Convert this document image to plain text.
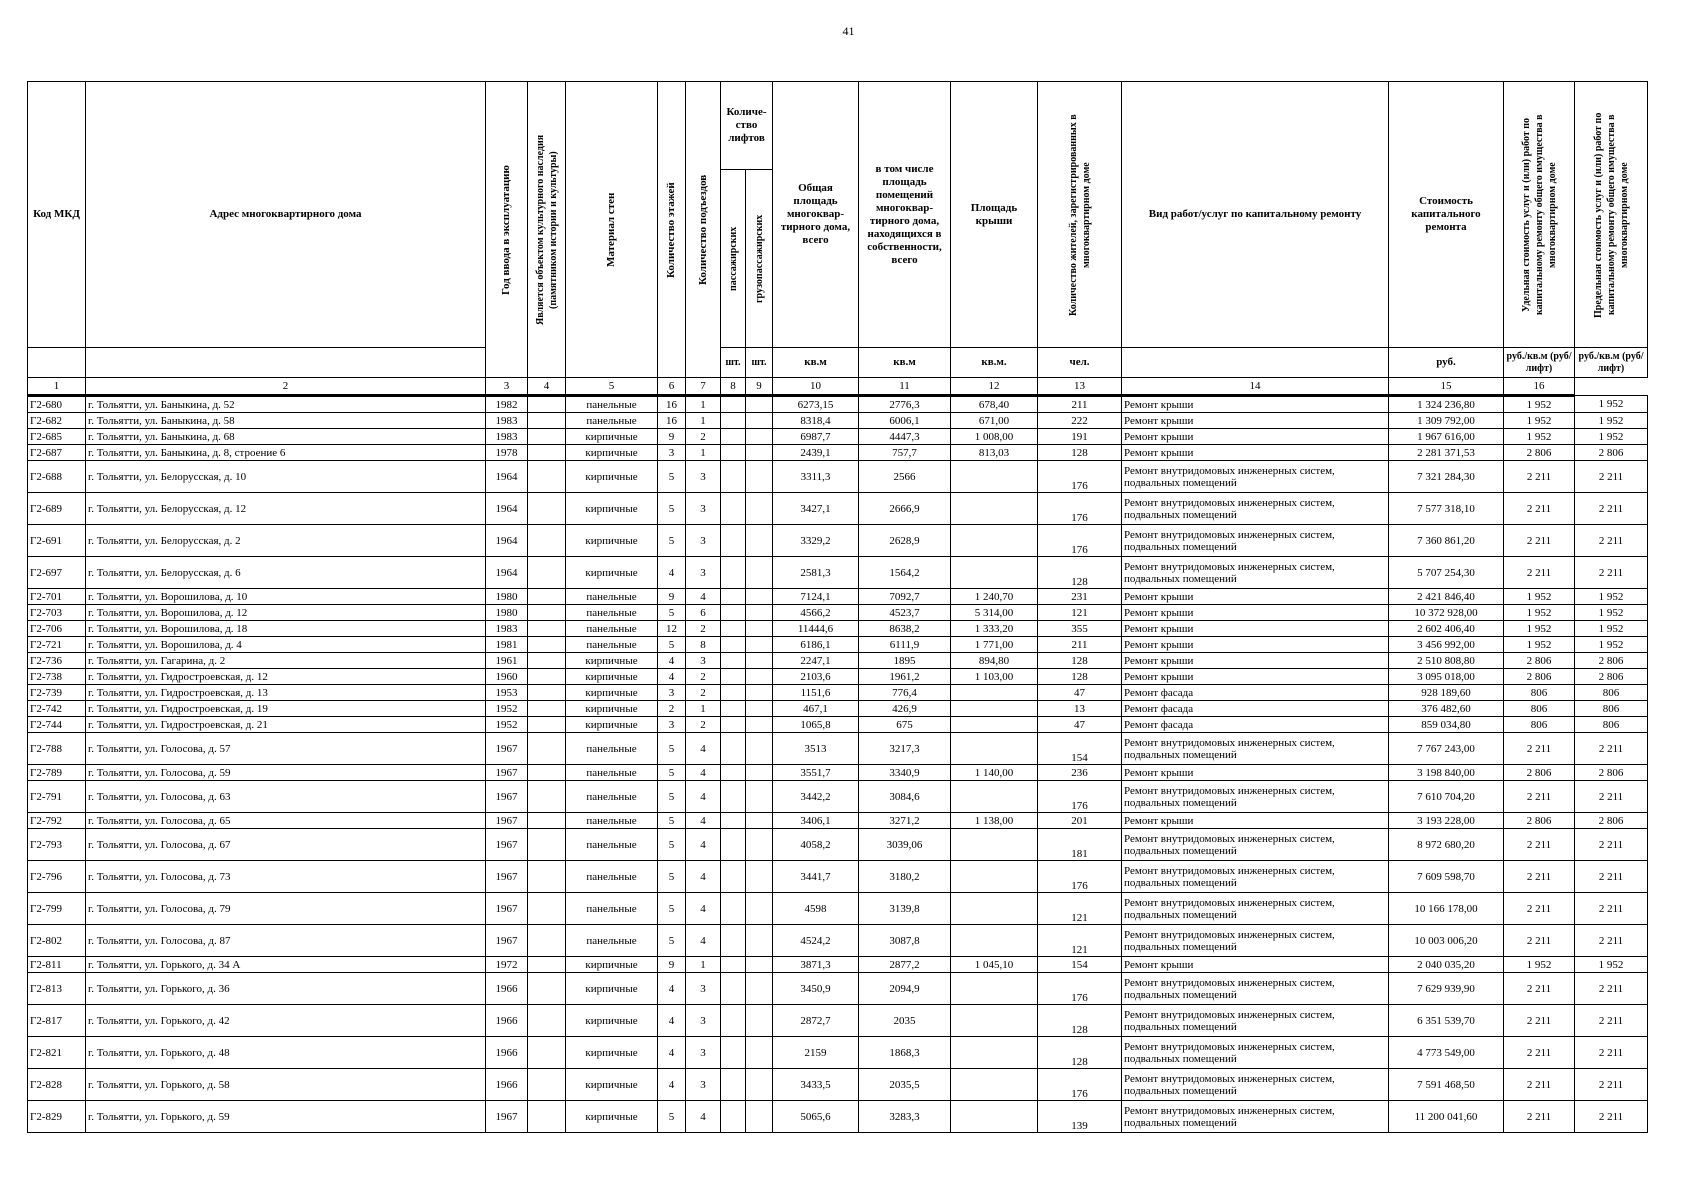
41
Код МКД	Адрес многоквартирного дома	Год ввода в эксплуатацию	Является объектом культурного наследия (памятником истории и культуры)	Материал стен	Количество этажей	Количество подъездов	Количе-ство лифтов		Общая площадь многоквар-тирного дома, всего	в том числе площадь помещений многоквар-тирного дома, находящихся в собственности, всего	Площадь крыши	Количество жителей, зарегистрированных в многоквартирном доме	Вид работ/услуг по капитальному ремонту	Стоимость капитального ремонта	Удельная стоимость услуг и (или) работ по капитальному ремонту общего имущества в многоквартирном доме	Предельная стоимость услуг и (или) работ по капитальному ремонту общего имущества в многоквартирном доме

							пассажирских	грузопассажирских								

							шт.	шт.	кв.м	кв.м	кв.м.	чел.		руб.	руб./кв.м (руб/лифт)	руб./кв.м (руб/лифт)
1	2	3	4	5	6	7	8	9	10	11	12	13	14	15	16	
Г2-680	г. Тольятти, ул. Баныкина, д. 52	1982		панельные	16	1			6273,15	2776,3	678,40	211	Ремонт крыши	1 324 236,80	1 952	1 952
Г2-682	г. Тольятти, ул. Баныкина, д. 58	1983		панельные	16	1			8318,4	6006,1	671,00	222	Ремонт крыши	1 309 792,00	1 952	1 952
Г2-685	г. Тольятти, ул. Баныкина, д. 68	1983		кирпичные	9	2			6987,7	4447,3	1 008,00	191	Ремонт крыши	1 967 616,00	1 952	1 952
Г2-687	г. Тольятти, ул. Баныкина, д. 8, строение 6	1978		кирпичные	3	1			2439,1	757,7	813,03	128	Ремонт крыши	2 281 371,53	2 806	2 806
Г2-688	г. Тольятти, ул. Белорусская, д. 10	1964		кирпичные	5	3			3311,3	2566		176	Ремонт внутридомовых инженерных систем, подвальных помещений	7 321 284,30	2 211	2 211
Г2-689	г. Тольятти, ул. Белорусская, д. 12	1964		кирпичные	5	3			3427,1	2666,9		176	Ремонт внутридомовых инженерных систем, подвальных помещений	7 577 318,10	2 211	2 211
Г2-691	г. Тольятти, ул. Белорусская, д. 2	1964		кирпичные	5	3			3329,2	2628,9		176	Ремонт внутридомовых инженерных систем, подвальных помещений	7 360 861,20	2 211	2 211
Г2-697	г. Тольятти, ул. Белорусская, д. 6	1964		кирпичные	4	3			2581,3	1564,2		128	Ремонт внутридомовых инженерных систем, подвальных помещений	5 707 254,30	2 211	2 211
Г2-701	г. Тольятти, ул. Ворошилова, д. 10	1980		панельные	9	4			7124,1	7092,7	1 240,70	231	Ремонт крыши	2 421 846,40	1 952	1 952
Г2-703	г. Тольятти, ул. Ворошилова, д. 12	1980		панельные	5	6			4566,2	4523,7	5 314,00	121	Ремонт крыши	10 372 928,00	1 952	1 952
Г2-706	г. Тольятти, ул. Ворошилова, д. 18	1983		панельные	12	2			11444,6	8638,2	1 333,20	355	Ремонт крыши	2 602 406,40	1 952	1 952
Г2-721	г. Тольятти, ул. Ворошилова, д. 4	1981		панельные	5	8			6186,1	6111,9	1 771,00	211	Ремонт крыши	3 456 992,00	1 952	1 952
Г2-736	г. Тольятти, ул. Гагарина, д. 2	1961		кирпичные	4	3			2247,1	1895	894,80	128	Ремонт крыши	2 510 808,80	2 806	2 806
Г2-738	г. Тольятти, ул. Гидростроевская, д. 12	1960		кирпичные	4	2			2103,6	1961,2	1 103,00	128	Ремонт крыши	3 095 018,00	2 806	2 806
Г2-739	г. Тольятти, ул. Гидростроевская, д. 13	1953		кирпичные	3	2			1151,6	776,4		47	Ремонт фасада	928 189,60	806	806
Г2-742	г. Тольятти, ул. Гидростроевская, д. 19	1952		кирпичные	2	1			467,1	426,9		13	Ремонт фасада	376 482,60	806	806
Г2-744	г. Тольятти, ул. Гидростроевская, д. 21	1952		кирпичные	3	2			1065,8	675		47	Ремонт фасада	859 034,80	806	806
Г2-788	г. Тольятти, ул. Голосова, д. 57	1967		панельные	5	4			3513	3217,3		154	Ремонт внутридомовых инженерных систем, подвальных помещений	7 767 243,00	2 211	2 211
Г2-789	г. Тольятти, ул. Голосова, д. 59	1967		панельные	5	4			3551,7	3340,9	1 140,00	236	Ремонт крыши	3 198 840,00	2 806	2 806
Г2-791	г. Тольятти, ул. Голосова, д. 63	1967		панельные	5	4			3442,2	3084,6		176	Ремонт внутридомовых инженерных систем, подвальных помещений	7 610 704,20	2 211	2 211
Г2-792	г. Тольятти, ул. Голосова, д. 65	1967		панельные	5	4			3406,1	3271,2	1 138,00	201	Ремонт крыши	3 193 228,00	2 806	2 806
Г2-793	г. Тольятти, ул. Голосова, д. 67	1967		панельные	5	4			4058,2	3039,06		181	Ремонт внутридомовых инженерных систем, подвальных помещений	8 972 680,20	2 211	2 211
Г2-796	г. Тольятти, ул. Голосова, д. 73	1967		панельные	5	4			3441,7	3180,2		176	Ремонт внутридомовых инженерных систем, подвальных помещений	7 609 598,70	2 211	2 211
Г2-799	г. Тольятти, ул. Голосова, д. 79	1967		панельные	5	4			4598	3139,8		121	Ремонт внутридомовых инженерных систем, подвальных помещений	10 166 178,00	2 211	2 211
Г2-802	г. Тольятти, ул. Голосова, д. 87	1967		панельные	5	4			4524,2	3087,8		121	Ремонт внутридомовых инженерных систем, подвальных помещений	10 003 006,20	2 211	2 211
Г2-811	г. Тольятти, ул. Горького, д. 34 А	1972		кирпичные	9	1			3871,3	2877,2	1 045,10	154	Ремонт крыши	2 040 035,20	1 952	1 952
Г2-813	г. Тольятти, ул. Горького, д. 36	1966		кирпичные	4	3			3450,9	2094,9		176	Ремонт внутридомовых инженерных систем, подвальных помещений	7 629 939,90	2 211	2 211
Г2-817	г. Тольятти, ул. Горького, д. 42	1966		кирпичные	4	3			2872,7	2035		128	Ремонт внутридомовых инженерных систем, подвальных помещений	6 351 539,70	2 211	2 211
Г2-821	г. Тольятти, ул. Горького, д. 48	1966		кирпичные	4	3			2159	1868,3		128	Ремонт внутридомовых инженерных систем, подвальных помещений	4 773 549,00	2 211	2 211
Г2-828	г. Тольятти, ул. Горького, д. 58	1966		кирпичные	4	3			3433,5	2035,5		176	Ремонт внутридомовых инженерных систем, подвальных помещений	7 591 468,50	2 211	2 211
Г2-829	г. Тольятти, ул. Горького, д. 59	1967		кирпичные	5	4			5065,6	3283,3		139	Ремонт внутридомовых инженерных систем, подвальных помещений	11 200 041,60	2 211	2 211
